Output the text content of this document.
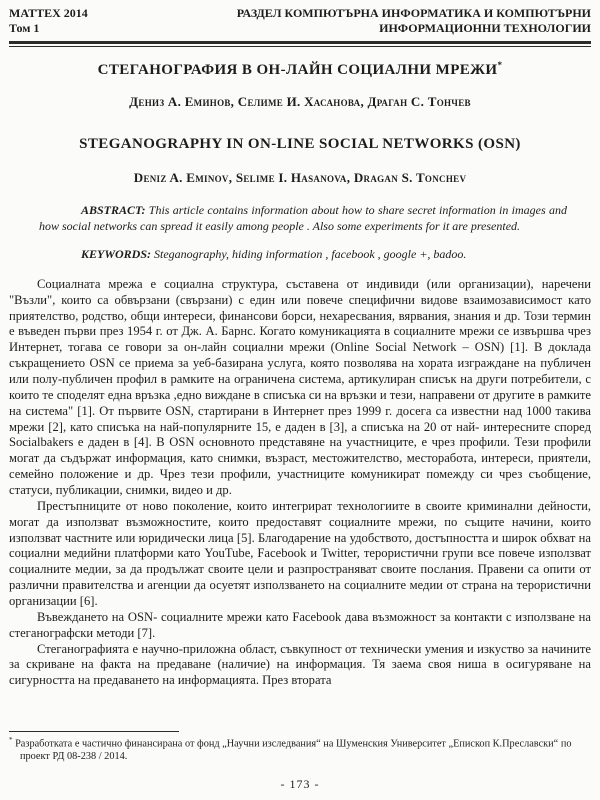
MATTEX 2014
Том 1
РАЗДЕЛ КОМПЮТЪРНА ИНФОРМАТИКА И КОМПЮТЪРНИ
ИНФОРМАЦИОННИ ТЕХНОЛОГИИ
СТЕГАНОГРАФИЯ В ОН-ЛАЙН СОЦИАЛНИ МРЕЖИ*
Дениз А. Еминов, Селиме И. Хасанова, Драган С. Тончев
STEGANOGRAPHY IN ON-LINE SOCIAL NETWORKS (OSN)
Deniz A. Eminov, Selime I. Hasanova, Dragan S. Tonchev
ABSTRACT: This article contains information about how to share secret information in images and how social networks can spread it easily among people . Also some experiments for it are presented.
KEYWORDS: Steganography, hiding information , facebook , google +, badoo.

Социалната мрежа е социална структура, съставена от индивиди (или организации), наречени "Възли", които са обвързани (свързани) с един или повече специфични видове взаимозависимост като приятелство, родство, общи интереси, финансови борси, нехаресвания, вярвания, знания и др. Този термин е въведен първи през 1954 г. от Дж. А. Барнс. Когато комуникацията в социалните мрежи се извършва чрез Интернет, тогава се говори за он-лайн социални мрежи (Online Social Network – OSN) [1]. В доклада съкращението OSN се приема за уеб-базирана услуга, която позволява на хората изграждане на публичен или полу-публичен профил в рамките на ограничена система, артикулиран списък на други потребители, с които те споделят една връзка ,едно виждане в списъка си на връзки и тези, направени от другите в рамките на система" [1]. От първите OSN, стартирани в Интернет през 1999 г. досега са известни над 1000 такива мрежи [2], като списъка на най-популярните 15, е даден в [3], а списъка на 20 от най- интересните според Socialbakers е даден в [4]. В OSN основното представяне на участниците, е чрез профили. Тези профили могат да съдържат информация, като снимки, възраст, местожителство, месторабота, интереси, приятели, семейно положение и др. Чрез тези профили, участниците комуникират помежду си чрез съобщение, статуси, публикации, снимки, видео и др.

Престъпниците от ново поколение, които интегрират технологиите в своите криминални дейности, могат да използват възможностите, които предоставят социалните мрежи, по същите начини, които използват частните или юридически лица [5]. Благодарение на удобството, достъпността и широк обхват на социални медийни платформи като YouTube, Facebook и Twitter, терористични групи все повече използват социалните медии, за да продължат своите цели и разпространяват своите послания. Правени са опити от различни правителства и агенции да осуетят използването на социалните медии от страна на терористични организации [6].

Въвеждането на OSN- социалните мрежи като Facebook дава възможност за контакти с използване на стеганографски методи [7].

Стеганографията е научно-приложна област, съвкупност от технически умения и изкуство за начините за скриване на факта на предаване (наличие) на информация. Тя заема своя ниша в осигуряване на сигурността на предаването на информацията. През втората

* Разработката е частично финансирана от фонд „Научни изследвания“ на Шуменския Университет „Епископ К.Преславски“ по проект РД 08-238 / 2014.
- 173 -
